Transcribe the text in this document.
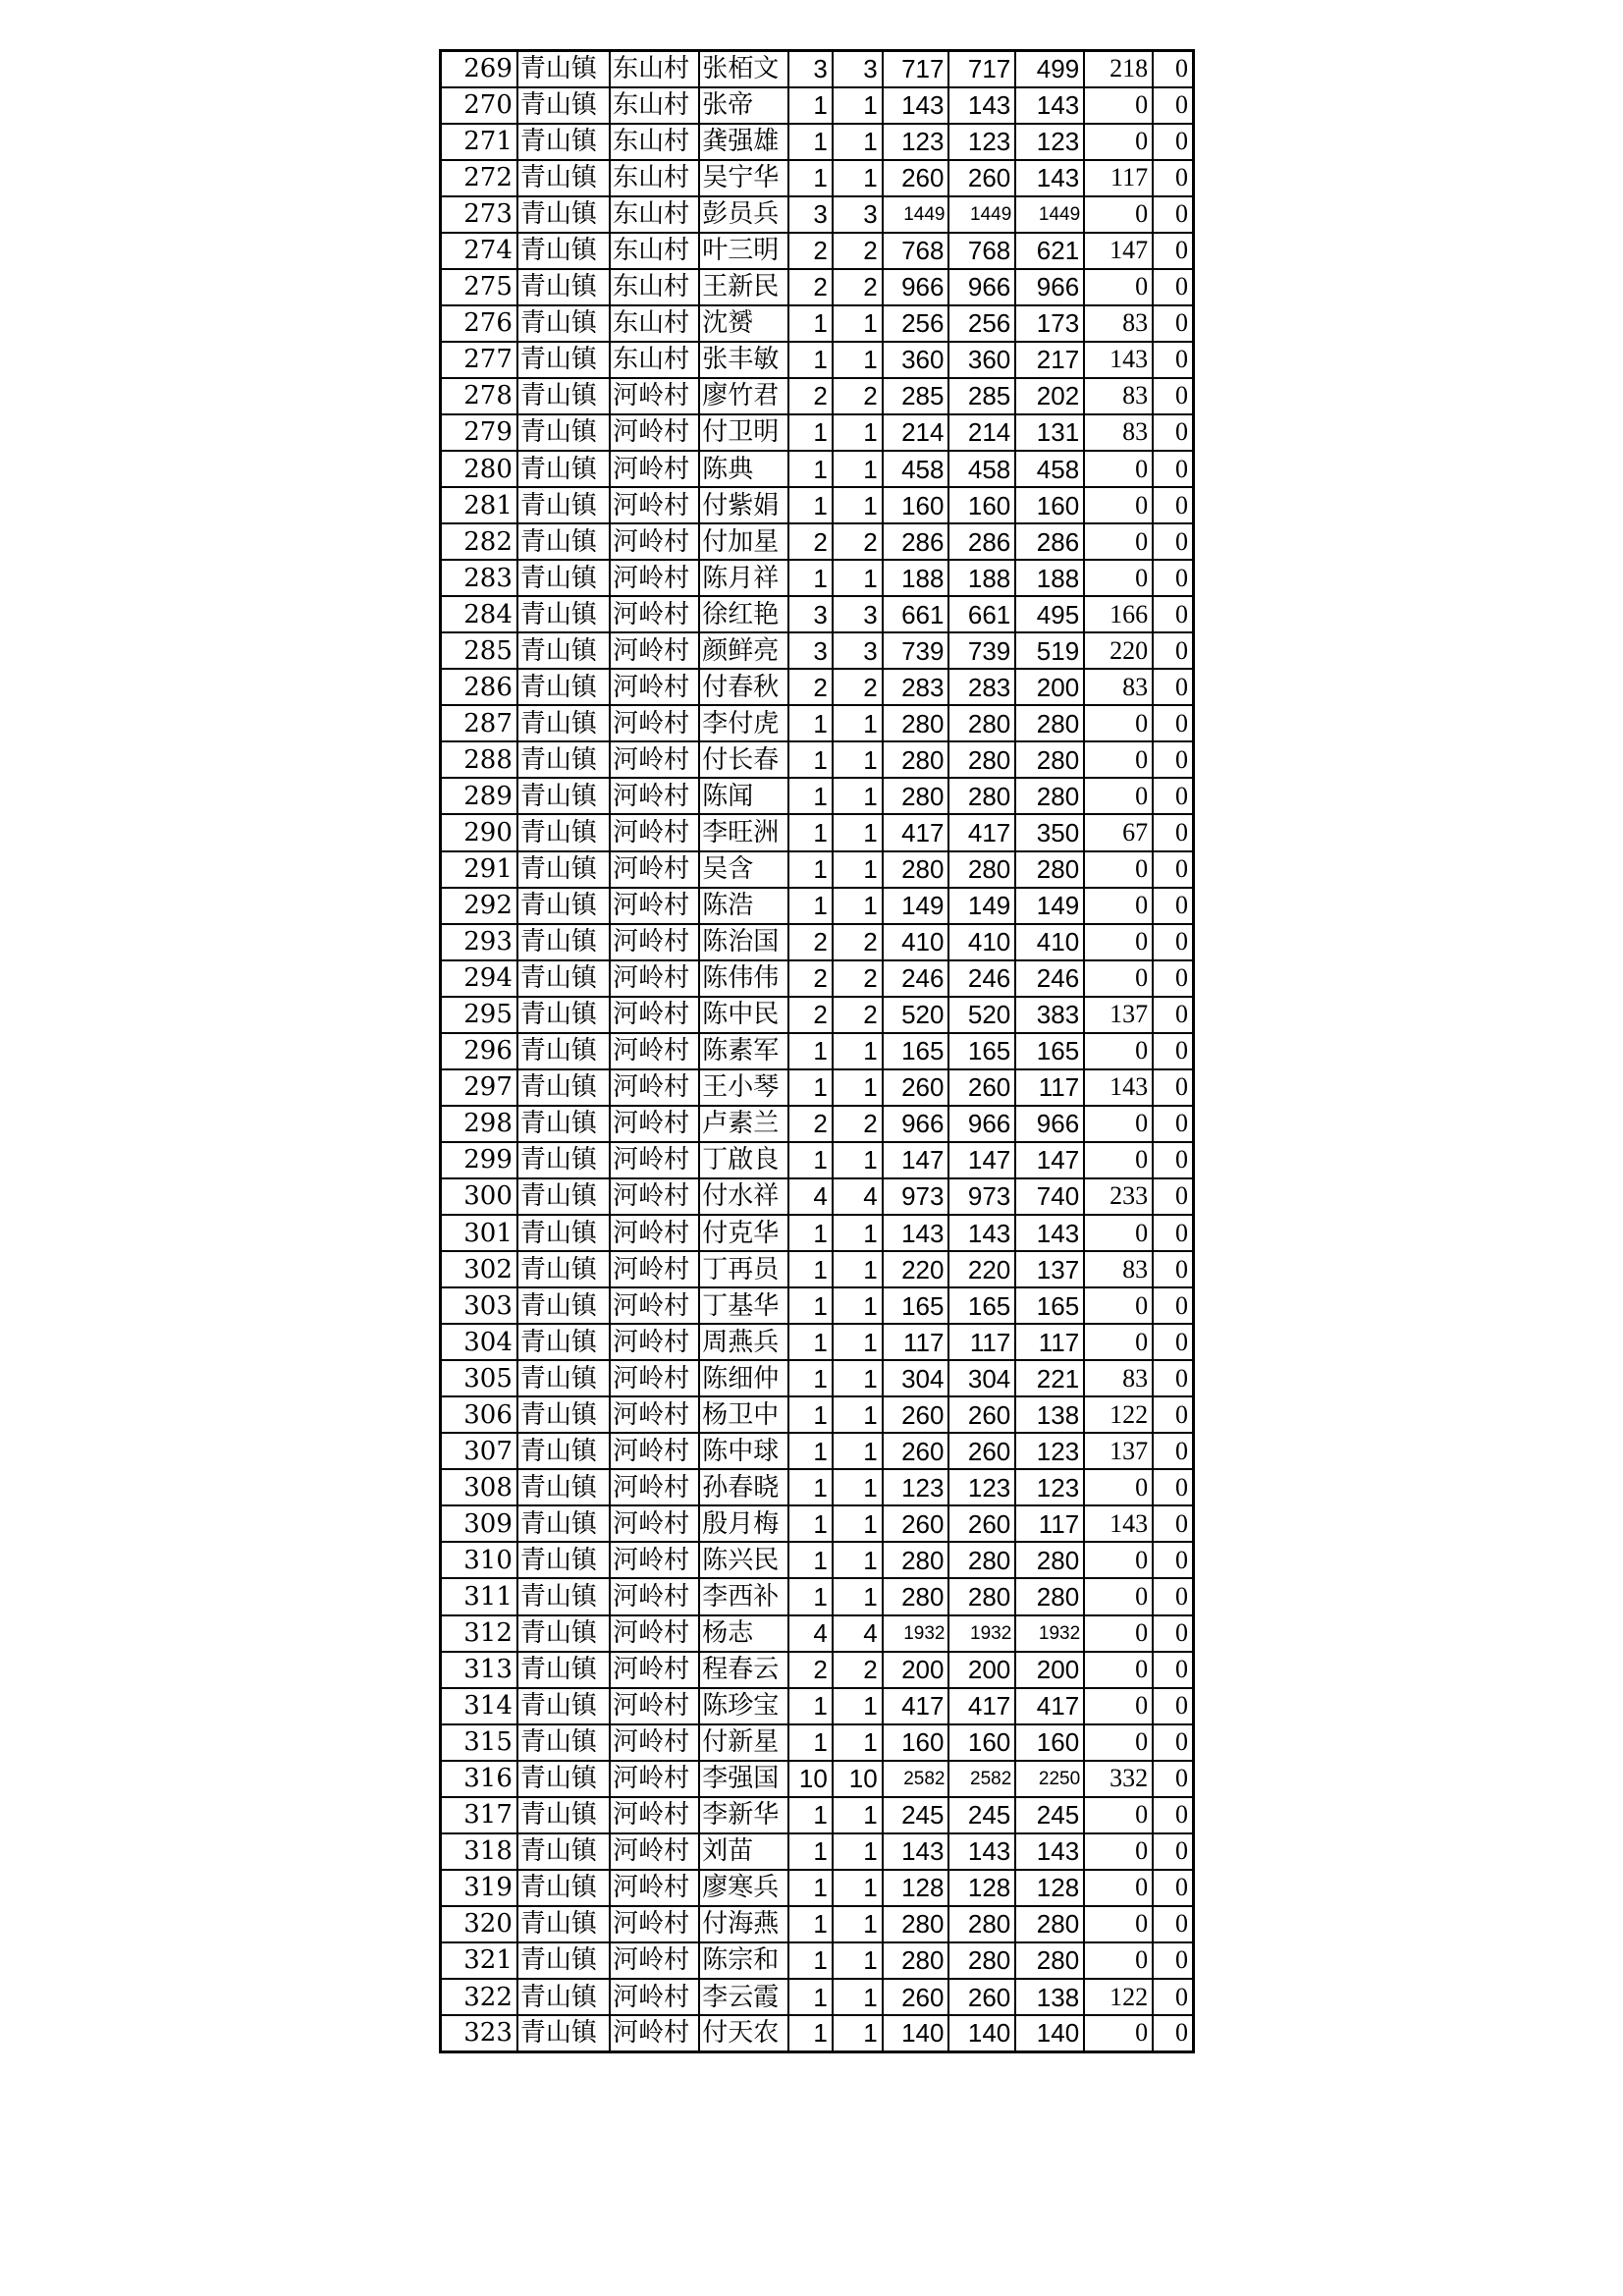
269	青山镇	东山村	张栢文	3	3	717	717	499	218	0
270	青山镇	东山村	张帝	1	1	143	143	143	0	0
271	青山镇	东山村	龚强雄	1	1	123	123	123	0	0
272	青山镇	东山村	吴宁华	1	1	260	260	143	117	0
273	青山镇	东山村	彭员兵	3	3	1449	1449	1449	0	0
274	青山镇	东山村	叶三明	2	2	768	768	621	147	0
275	青山镇	东山村	王新民	2	2	966	966	966	0	0
276	青山镇	东山村	沈赟	1	1	256	256	173	83	0
277	青山镇	东山村	张丰敏	1	1	360	360	217	143	0
278	青山镇	河岭村	廖竹君	2	2	285	285	202	83	0
279	青山镇	河岭村	付卫明	1	1	214	214	131	83	0
280	青山镇	河岭村	陈典	1	1	458	458	458	0	0
281	青山镇	河岭村	付紫娟	1	1	160	160	160	0	0
282	青山镇	河岭村	付加星	2	2	286	286	286	0	0
283	青山镇	河岭村	陈月祥	1	1	188	188	188	0	0
284	青山镇	河岭村	徐红艳	3	3	661	661	495	166	0
285	青山镇	河岭村	颜鲜亮	3	3	739	739	519	220	0
286	青山镇	河岭村	付春秋	2	2	283	283	200	83	0
287	青山镇	河岭村	李付虎	1	1	280	280	280	0	0
288	青山镇	河岭村	付长春	1	1	280	280	280	0	0
289	青山镇	河岭村	陈闻	1	1	280	280	280	0	0
290	青山镇	河岭村	李旺洲	1	1	417	417	350	67	0
291	青山镇	河岭村	吴含	1	1	280	280	280	0	0
292	青山镇	河岭村	陈浩	1	1	149	149	149	0	0
293	青山镇	河岭村	陈治国	2	2	410	410	410	0	0
294	青山镇	河岭村	陈伟伟	2	2	246	246	246	0	0
295	青山镇	河岭村	陈中民	2	2	520	520	383	137	0
296	青山镇	河岭村	陈素军	1	1	165	165	165	0	0
297	青山镇	河岭村	王小琴	1	1	260	260	117	143	0
298	青山镇	河岭村	卢素兰	2	2	966	966	966	0	0
299	青山镇	河岭村	丁啟良	1	1	147	147	147	0	0
300	青山镇	河岭村	付水祥	4	4	973	973	740	233	0
301	青山镇	河岭村	付克华	1	1	143	143	143	0	0
302	青山镇	河岭村	丁再员	1	1	220	220	137	83	0
303	青山镇	河岭村	丁基华	1	1	165	165	165	0	0
304	青山镇	河岭村	周燕兵	1	1	117	117	117	0	0
305	青山镇	河岭村	陈细仲	1	1	304	304	221	83	0
306	青山镇	河岭村	杨卫中	1	1	260	260	138	122	0
307	青山镇	河岭村	陈中球	1	1	260	260	123	137	0
308	青山镇	河岭村	孙春晓	1	1	123	123	123	0	0
309	青山镇	河岭村	殷月梅	1	1	260	260	117	143	0
310	青山镇	河岭村	陈兴民	1	1	280	280	280	0	0
311	青山镇	河岭村	李西补	1	1	280	280	280	0	0
312	青山镇	河岭村	杨志	4	4	1932	1932	1932	0	0
313	青山镇	河岭村	程春云	2	2	200	200	200	0	0
314	青山镇	河岭村	陈珍宝	1	1	417	417	417	0	0
315	青山镇	河岭村	付新星	1	1	160	160	160	0	0
316	青山镇	河岭村	李强国	10	10	2582	2582	2250	332	0
317	青山镇	河岭村	李新华	1	1	245	245	245	0	0
318	青山镇	河岭村	刘苗	1	1	143	143	143	0	0
319	青山镇	河岭村	廖寒兵	1	1	128	128	128	0	0
320	青山镇	河岭村	付海燕	1	1	280	280	280	0	0
321	青山镇	河岭村	陈宗和	1	1	280	280	280	0	0
322	青山镇	河岭村	李云霞	1	1	260	260	138	122	0
323	青山镇	河岭村	付天农	1	1	140	140	140	0	0
